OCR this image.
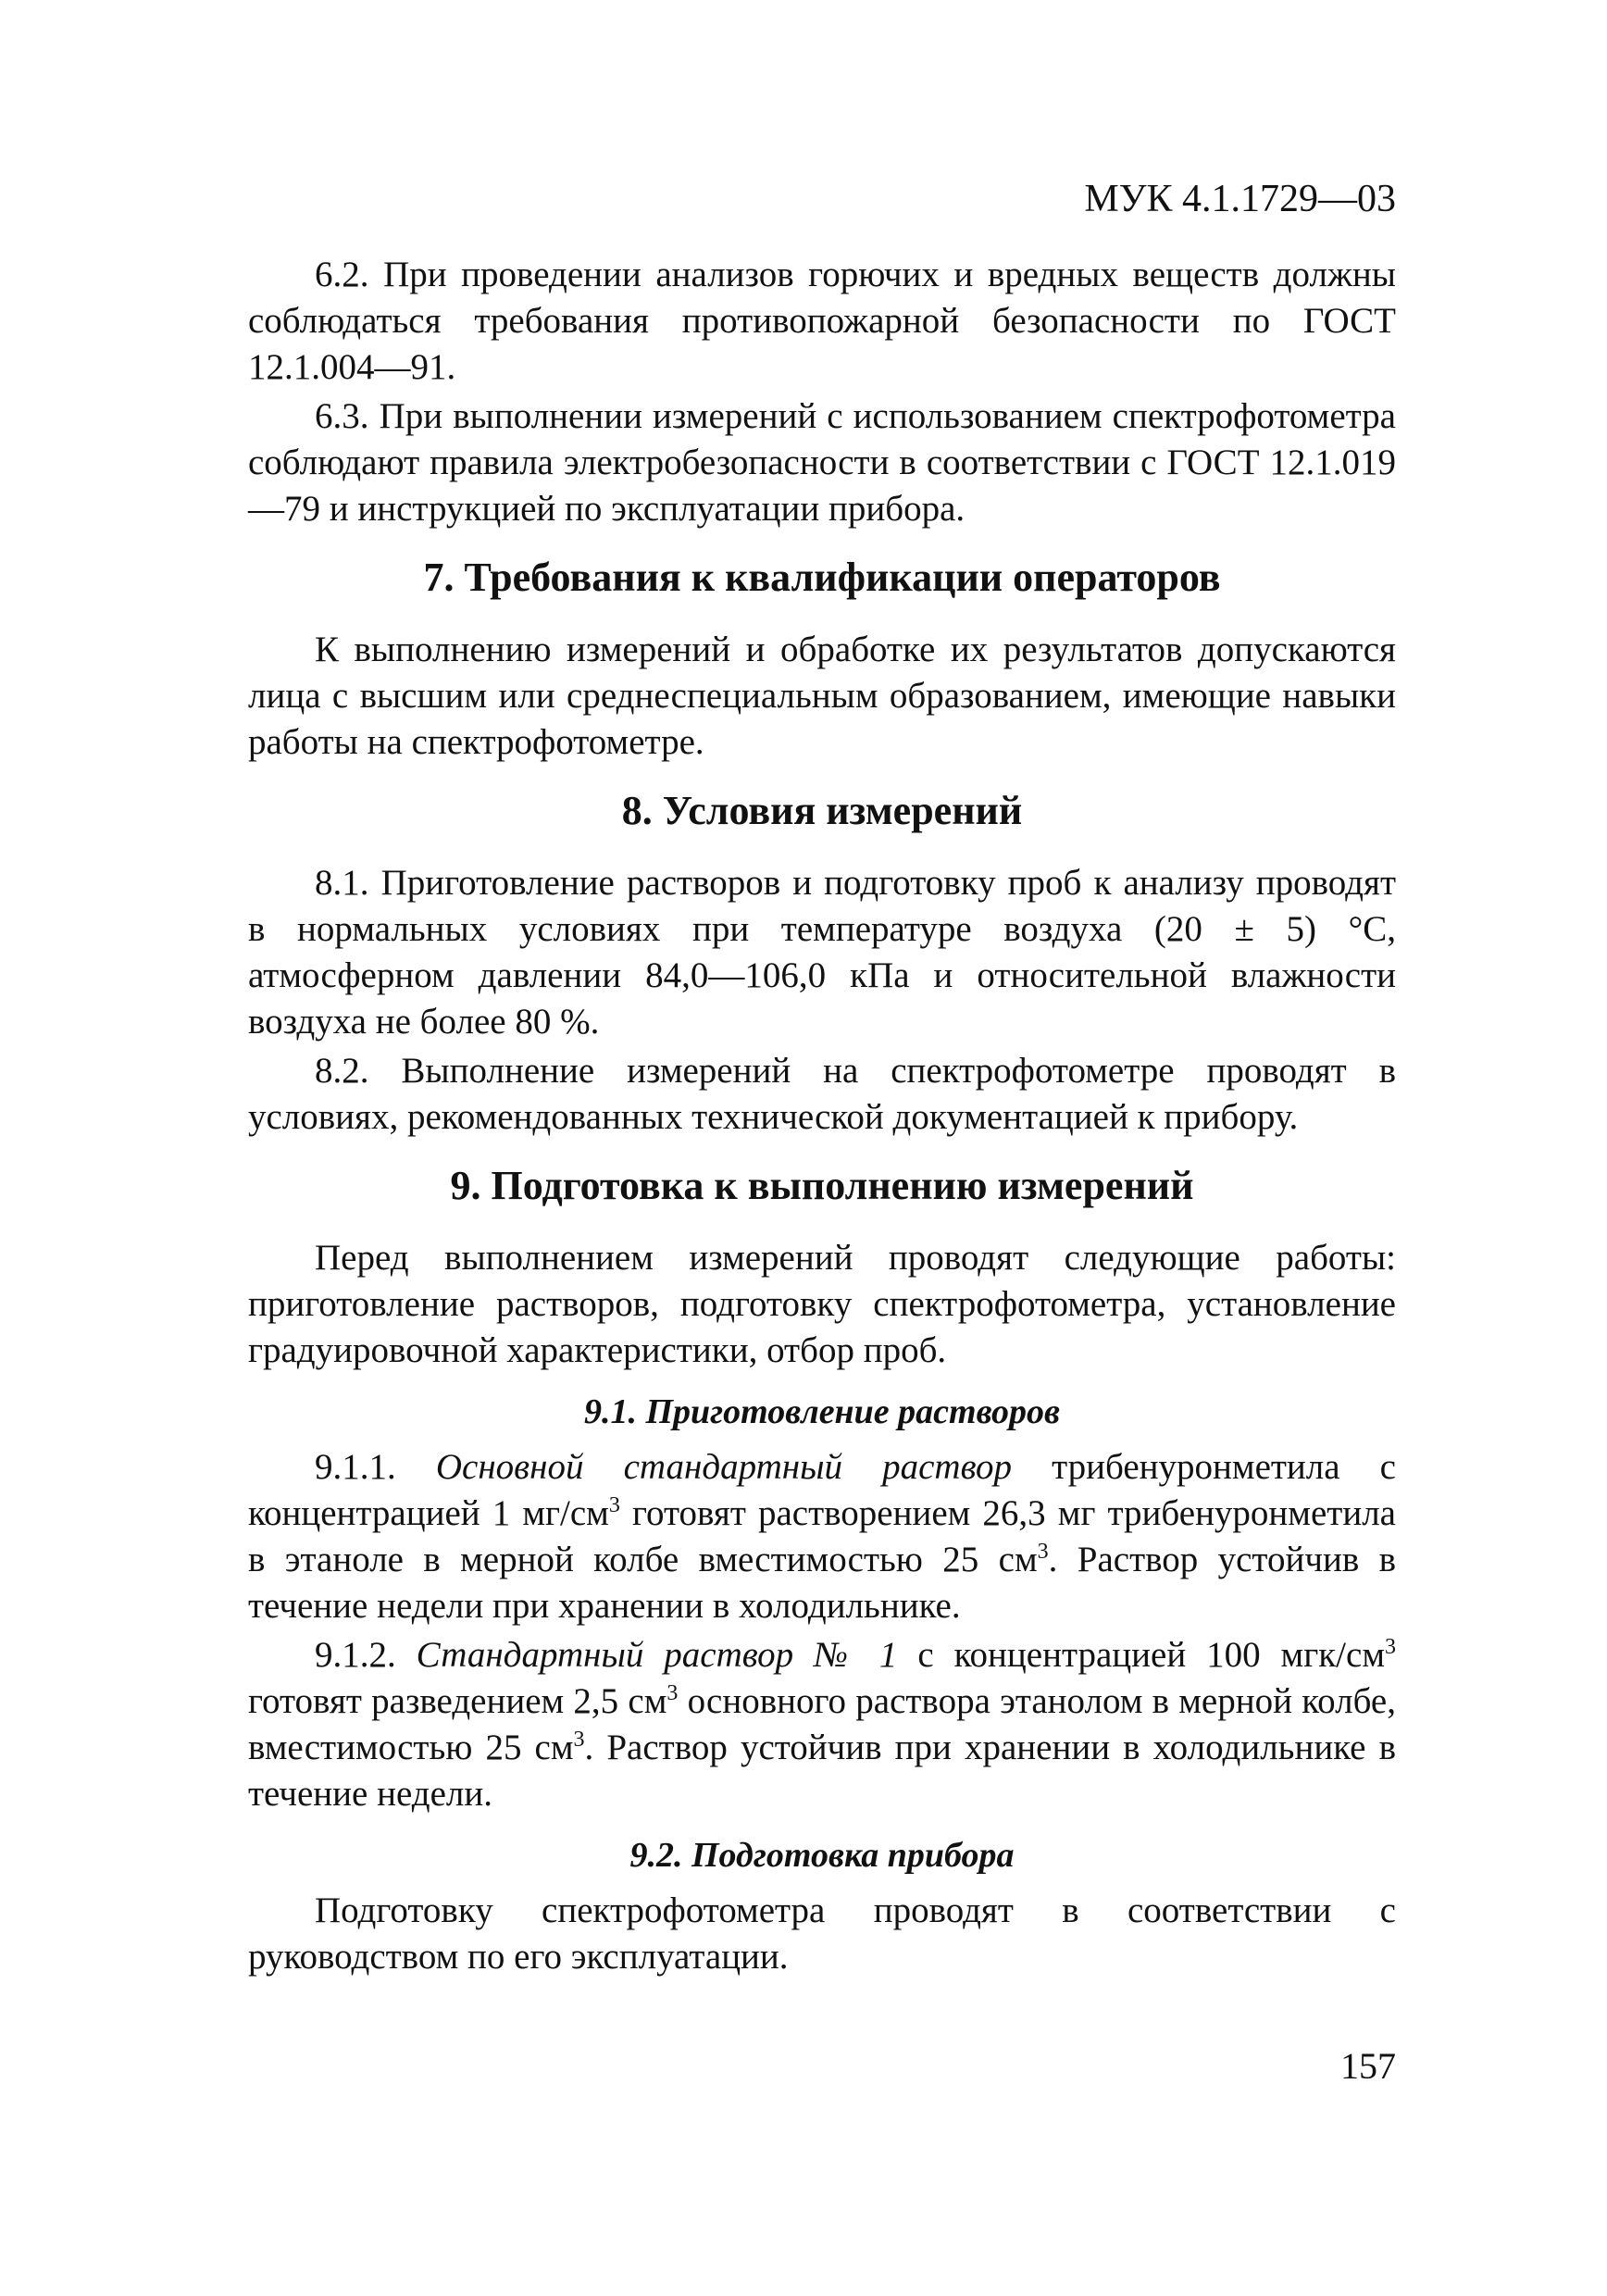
МУК 4.1.1729—03

6.2. При проведении анализов горючих и вредных веществ должны соблюдаться требования противопожарной безопасности по ГОСТ 12.1.004—91.

6.3. При выполнении измерений с использованием спектрофотометра соблюдают правила электробезопасности в соответствии с ГОСТ 12.1.019—79 и инструкцией по эксплуатации прибора.

7. Требования к квалификации операторов

К выполнению измерений и обработке их результатов допускаются лица с высшим или среднеспециальным образованием, имеющие навыки работы на спектрофотометре.

8. Условия измерений

8.1. Приготовление растворов и подготовку проб к анализу проводят в нормальных условиях при температуре воздуха (20 ± 5) °С, атмосферном давлении 84,0—106,0 кПа и относительной влажности воздуха не более 80 %.

8.2. Выполнение измерений на спектрофотометре проводят в условиях, рекомендованных технической документацией к прибору.

9. Подготовка к выполнению измерений

Перед выполнением измерений проводят следующие работы: приготовление растворов, подготовку спектрофотометра, установление градуировочной характеристики, отбор проб.

9.1. Приготовление растворов

9.1.1. Основной стандартный раствор трибенуронметила с концентрацией 1 $мг/см^3$ готовят растворением 26,3 мг трибенуронметила в этаноле в мерной колбе вместимостью 25 $см^3$. Раствор устойчив в течение недели при хранении в холодильнике.

9.1.2. Стандартный раствор № 1 с концентрацией 100 мгк/$см^3$ готовят разведением 2,5 $см^3$ основного раствора этанолом в мерной колбе, вместимостью 25 $см^3$. Раствор устойчив при хранении в холодильнике в течение недели.

9.2. Подготовка прибора

Подготовку спектрофотометра проводят в соответствии с руководством по его эксплуатации.

157
